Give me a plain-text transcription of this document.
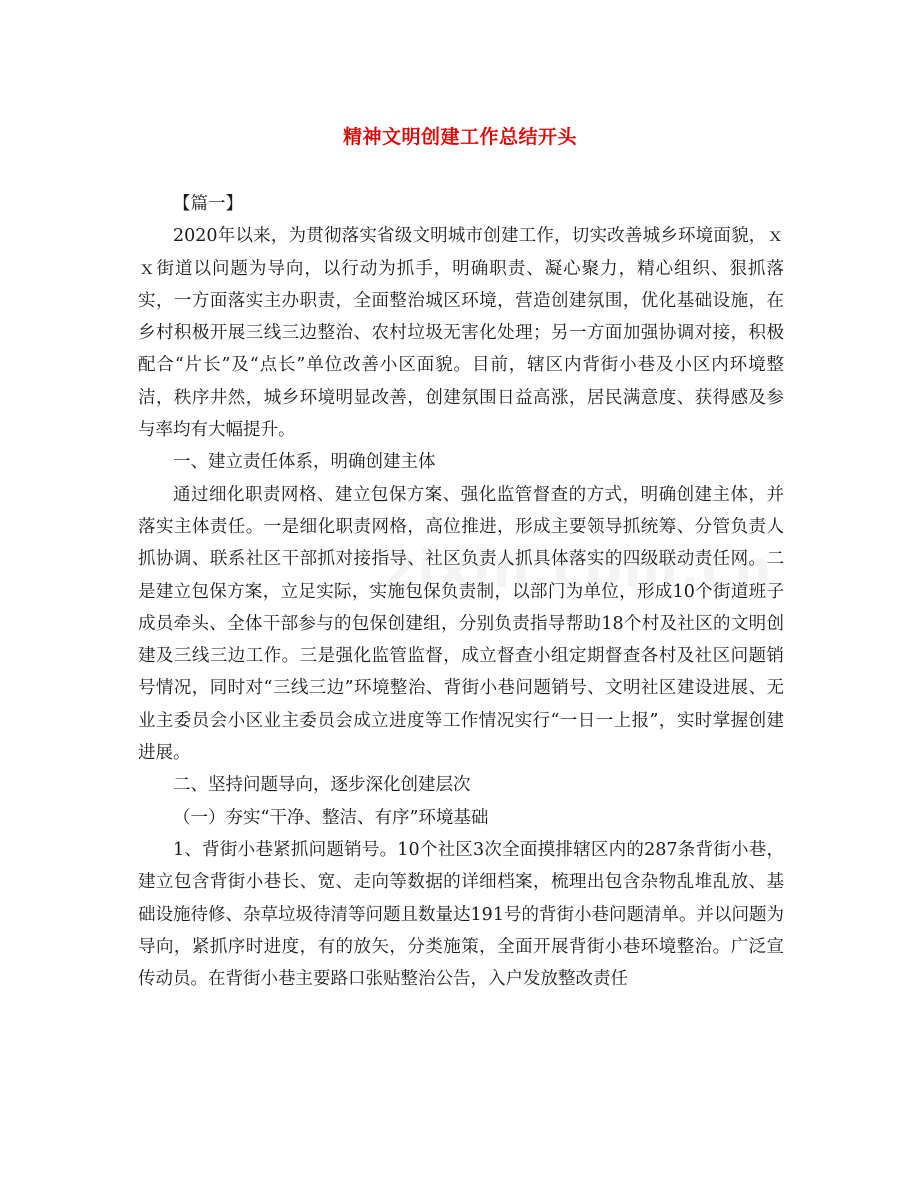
精神文明创建工作总结开头

【篇一】

2020年以来，为贯彻落实省级文明城市创建工作，切实改善城乡环境面貌，ｘｘ街道以问题为导向，以行动为抓手，明确职责、凝心聚力，精心组织、狠抓落实，一方面落实主办职责，全面整治城区环境，营造创建氛围，优化基础设施，在乡村积极开展三线三边整治、农村垃圾无害化处理；另一方面加强协调对接，积极配合“片长”及“点长”单位改善小区面貌。目前，辖区内背街小巷及小区内环境整洁，秩序井然，城乡环境明显改善，创建氛围日益高涨，居民满意度、获得感及参与率均有大幅提升。

一、建立责任体系，明确创建主体

通过细化职责网格、建立包保方案、强化监管督查的方式，明确创建主体，并落实主体责任。一是细化职责网格，高位推进，形成主要领导抓统筹、分管负责人抓协调、联系社区干部抓对接指导、社区负责人抓具体落实的四级联动责任网。二是建立包保方案，立足实际，实施包保负责制，以部门为单位，形成10个街道班子成员牵头、全体干部参与的包保创建组，分别负责指导帮助18个村及社区的文明创建及三线三边工作。三是强化监管监督，成立督查小组定期督查各村及社区问题销号情况，同时对“三线三边”环境整治、背街小巷问题销号、文明社区建设进展、无业主委员会小区业主委员会成立进度等工作情况实行“一日一上报”，实时掌握创建进展。

二、坚持问题导向，逐步深化创建层次

（一）夯实“干净、整洁、有序”环境基础

1、背街小巷紧抓问题销号。10个社区3次全面摸排辖区内的287条背街小巷，建立包含背街小巷长、宽、走向等数据的详细档案，梳理出包含杂物乱堆乱放、基础设施待修、杂草垃圾待清等问题且数量达191号的背街小巷问题清单。并以问题为导向，紧抓序时进度，有的放矢，分类施策，全面开展背街小巷环境整治。广泛宣传动员。在背街小巷主要路口张贴整治公告，入户发放整改责任
